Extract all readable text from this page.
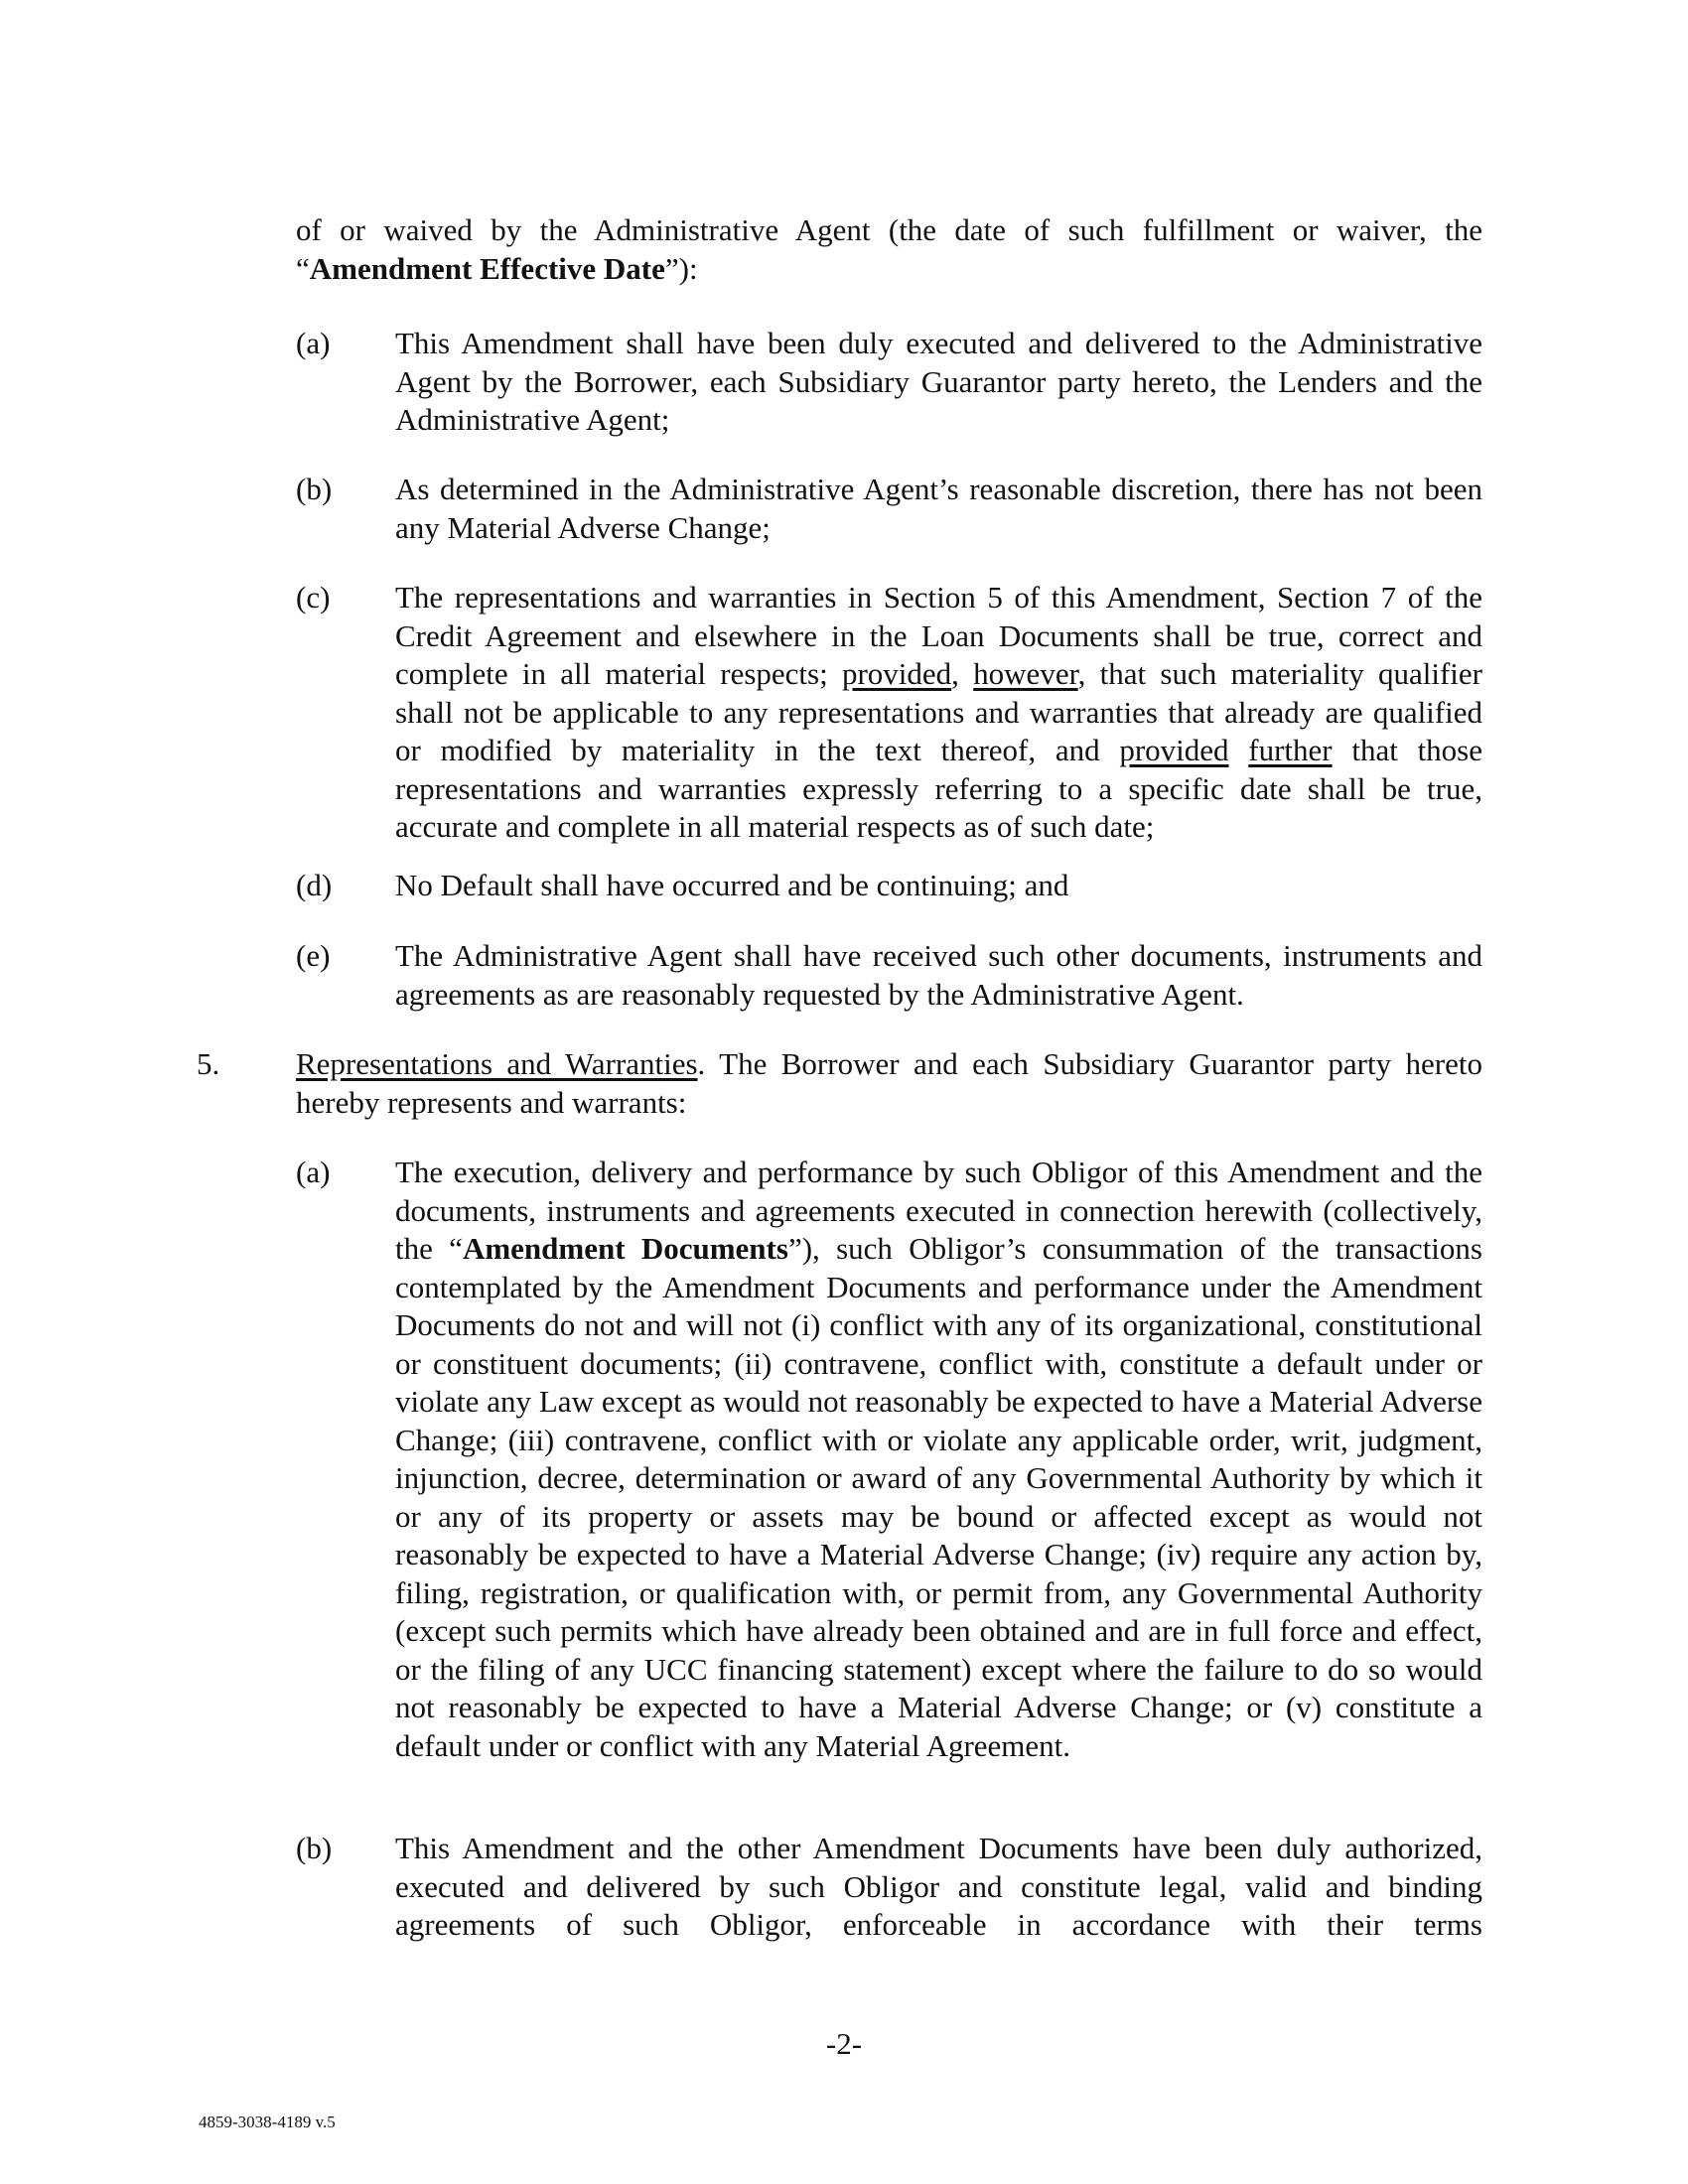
of or waived by the Administrative Agent (the date of such fulfillment or waiver, the “Amendment Effective Date”):
(a) This Amendment shall have been duly executed and delivered to the Administrative Agent by the Borrower, each Subsidiary Guarantor party hereto, the Lenders and the Administrative Agent;
(b) As determined in the Administrative Agent’s reasonable discretion, there has not been any Material Adverse Change;
(c) The representations and warranties in Section 5 of this Amendment, Section 7 of the Credit Agreement and elsewhere in the Loan Documents shall be true, correct and complete in all material respects; provided, however, that such materiality qualifier shall not be applicable to any representations and warranties that already are qualified or modified by materiality in the text thereof, and provided further that those representations and warranties expressly referring to a specific date shall be true, accurate and complete in all material respects as of such date;
(d) No Default shall have occurred and be continuing; and
(e) The Administrative Agent shall have received such other documents, instruments and agreements as are reasonably requested by the Administrative Agent.
5. Representations and Warranties. The Borrower and each Subsidiary Guarantor party hereto hereby represents and warrants:
(a) The execution, delivery and performance by such Obligor of this Amendment and the documents, instruments and agreements executed in connection herewith (collectively, the “Amendment Documents”), such Obligor’s consummation of the transactions contemplated by the Amendment Documents and performance under the Amendment Documents do not and will not (i) conflict with any of its organizational, constitutional or constituent documents; (ii) contravene, conflict with, constitute a default under or violate any Law except as would not reasonably be expected to have a Material Adverse Change; (iii) contravene, conflict with or violate any applicable order, writ, judgment, injunction, decree, determination or award of any Governmental Authority by which it or any of its property or assets may be bound or affected except as would not reasonably be expected to have a Material Adverse Change; (iv) require any action by, filing, registration, or qualification with, or permit from, any Governmental Authority (except such permits which have already been obtained and are in full force and effect, or the filing of any UCC financing statement) except where the failure to do so would not reasonably be expected to have a Material Adverse Change; or (v) constitute a default under or conflict with any Material Agreement.
(b) This Amendment and the other Amendment Documents have been duly authorized, executed and delivered by such Obligor and constitute legal, valid and binding agreements of such Obligor, enforceable in accordance with their terms
-2-
4859-3038-4189 v.5
